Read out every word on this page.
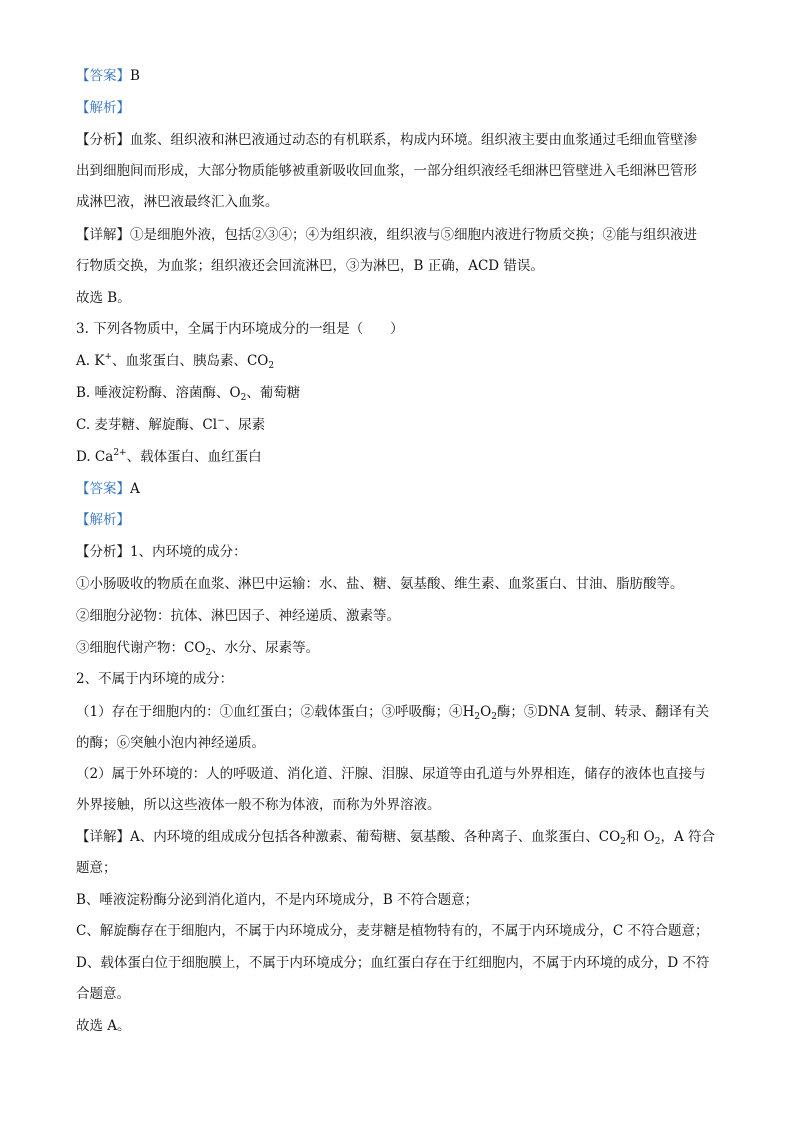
【答案】B
【解析】
【分析】血浆、组织液和淋巴液通过动态的有机联系，构成内环境。组织液主要由血浆通过毛细血管壁渗
出到细胞间而形成，大部分物质能够被重新吸收回血浆，一部分组织液经毛细淋巴管壁进入毛细淋巴管形
成淋巴液，淋巴液最终汇入血浆。
【详解】①是细胞外液，包括②③④；④为组织液，组织液与⑤细胞内液进行物质交换；②能与组织液进
行物质交换，为血浆；组织液还会回流淋巴，③为淋巴，B 正确，ACD 错误。
故选 B。
3. 下列各物质中，全属于内环境成分的一组是（　　）
A. K+、血浆蛋白、胰岛素、$CO_2$
B. 唾液淀粉酶、溶菌酶、$O_2$、葡萄糖
C. 麦芽糖、解旋酶、Cl−、尿素
D. $Ca^{2+}$、载体蛋白、血红蛋白
【答案】A
【解析】
【分析】1、内环境的成分：
①小肠吸收的物质在血浆、淋巴中运输：水、盐、糖、氨基酸、维生素、血浆蛋白、甘油、脂肪酸等。
②细胞分泌物：抗体、淋巴因子、神经递质、激素等。
③细胞代谢产物：$CO_2$、水分、尿素等。
2、不属于内环境的成分：
（1）存在于细胞内的：①血红蛋白；②载体蛋白；③呼吸酶；$④H_2O_2$酶；⑤DNA 复制、转录、翻译有关
的酶；⑥突触小泡内神经递质。
（2）属于外环境的：人的呼吸道、消化道、汗腺、泪腺、尿道等由孔道与外界相连，储存的液体也直接与
外界接触，所以这些液体一般不称为体液，而称为外界溶液。
【详解】A、内环境的组成成分包括各种激素、葡萄糖、氨基酸、各种离子、血浆蛋白、$CO_2$和 $O_2$，A 符合
题意；
B、唾液淀粉酶分泌到消化道内，不是内环境成分，B 不符合题意；
C、解旋酶存在于细胞内，不属于内环境成分，麦芽糖是植物特有的，不属于内环境成分，C 不符合题意；
D、载体蛋白位于细胞膜上，不属于内环境成分；血红蛋白存在于红细胞内，不属于内环境的成分，D 不符
合题意。
故选 A。
